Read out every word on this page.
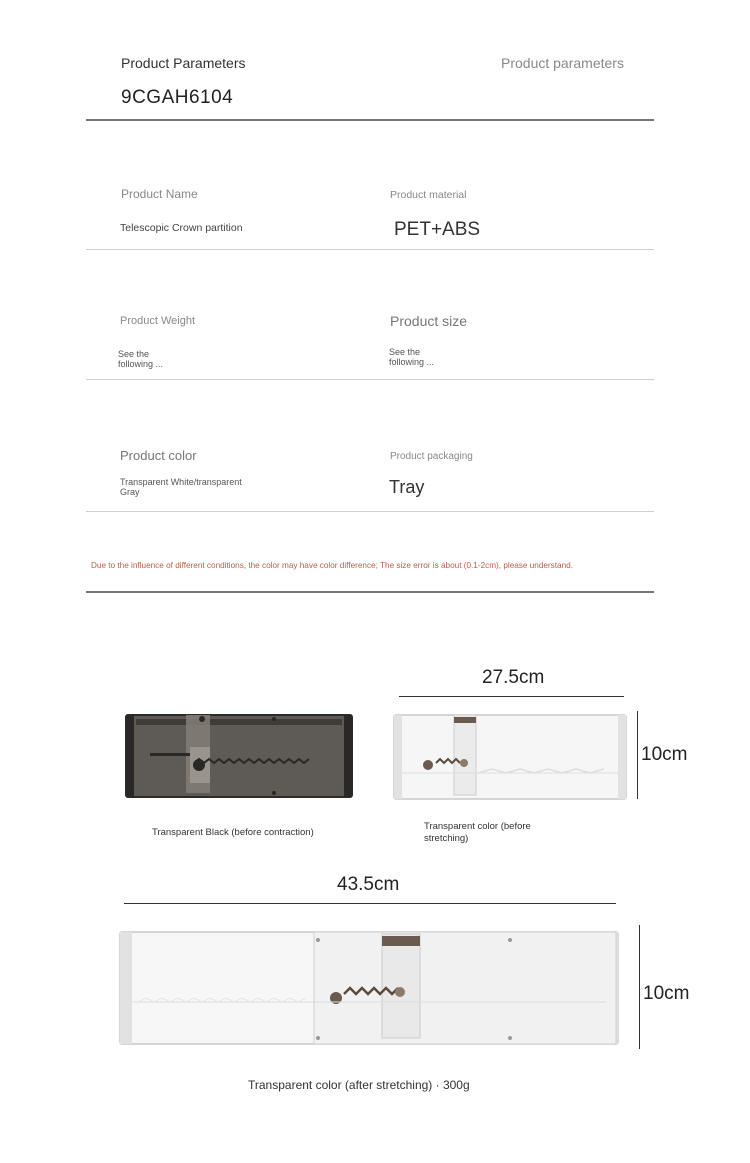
Product Parameters	Product parameters
9CGAH6104
Product Name
Telescopic Crown partition
Product material
PET+ABS
Product Weight
See the
following ...
Product size
See the
following ...
Product color
Transparent White/transparent
Gray
Product packaging
Tray
Due to the influence of different conditions, the color may have color difference; The size error is about (0.1-2cm), please understand.
27.5cm
10cm
Transparent Black (before contraction)
Transparent color (before
stretching)
43.5cm
10cm
Transparent color (after stretching) · 300g
